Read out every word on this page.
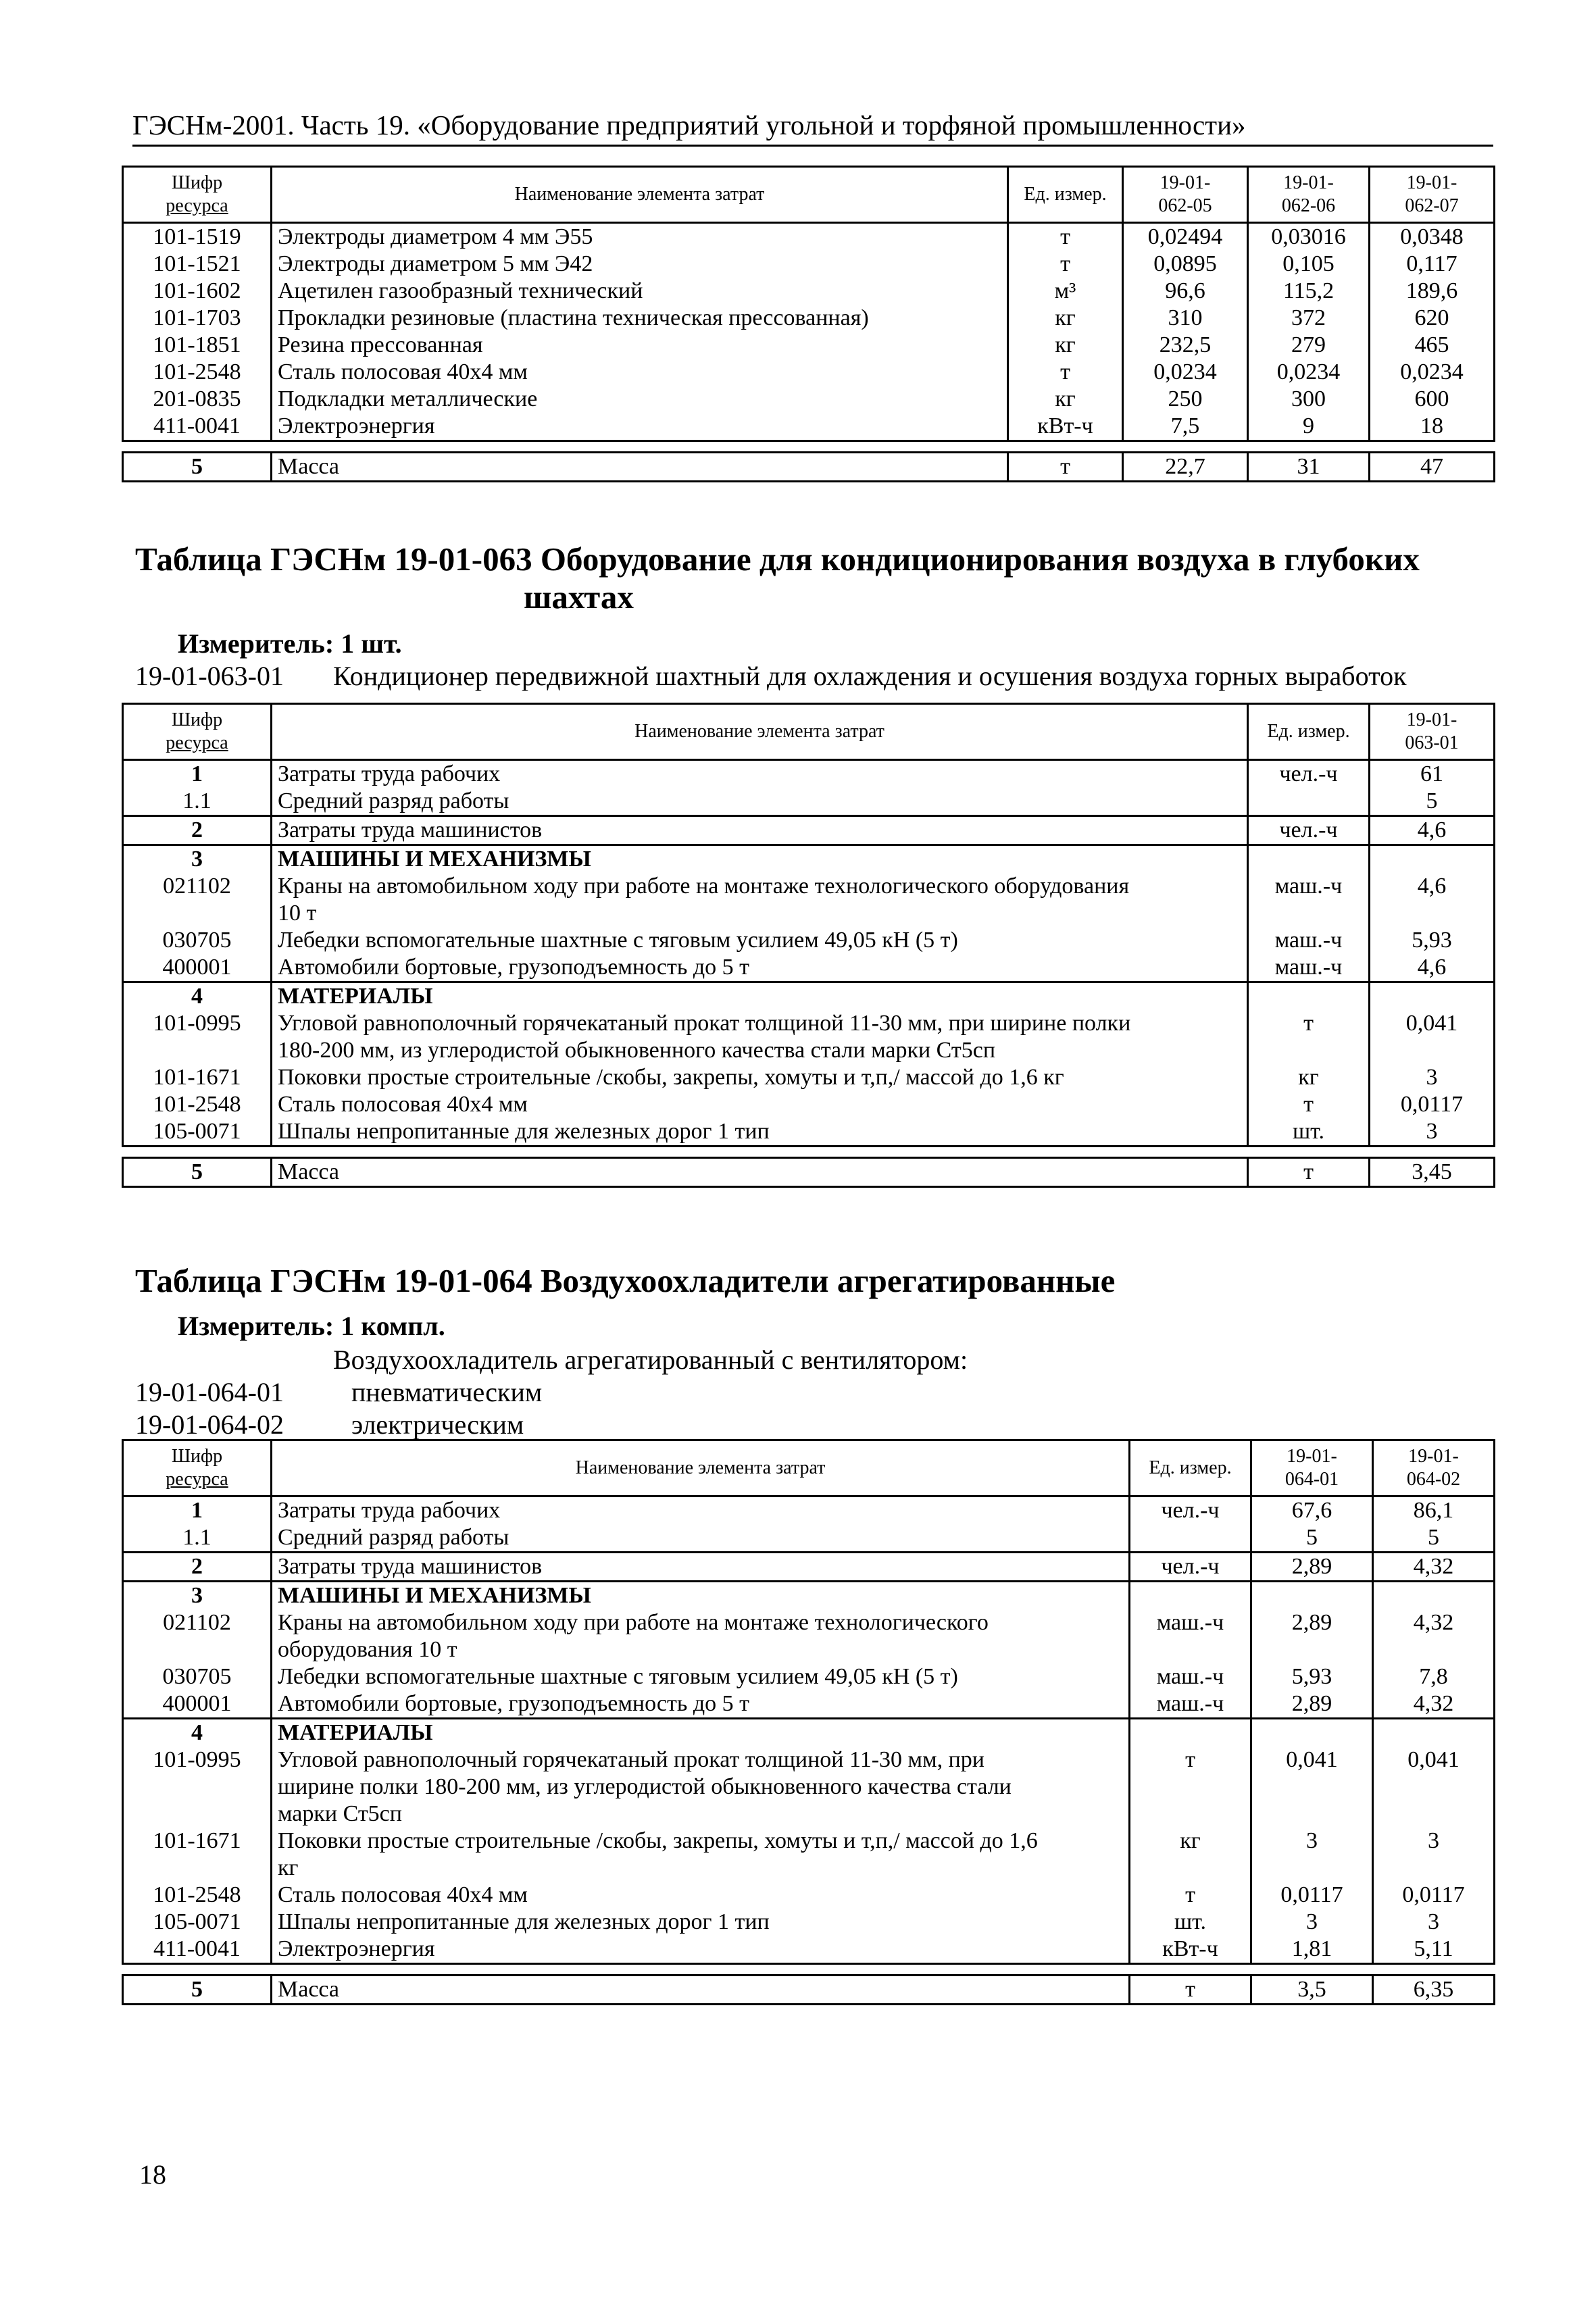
ГЭСНм-2001. Часть 19. «Оборудование предприятий угольной и торфяной промышленности»
Шифр
ресурса	Наименование элемента затрат	Ед. измер.	19-01-
062-05	19-01-
062-06	19-01-
062-07
101-1519	Электроды диаметром 4 мм Э55	т	0,02494	0,03016	0,0348
101-1521	Электроды диаметром 5 мм Э42	т	0,0895	0,105	0,117
101-1602	Ацетилен газообразный технический	м³	96,6	115,2	189,6
101-1703	Прокладки резиновые (пластина техническая прессованная)	кг	310	372	620
101-1851	Резина прессованная	кг	232,5	279	465
101-2548	Сталь полосовая 40х4 мм	т	0,0234	0,0234	0,0234
201-0835	Подкладки металлические	кг	250	300	600
411-0041	Электроэнергия	кВт-ч	7,5	9	18

5	Масса	т	22,7	31	47
Таблица ГЭСНм 19-01-063 Оборудование для кондиционирования воздуха в глубоких
шахтах
Измеритель: 1 шт.
19-01-063-01 Кондиционер передвижной шахтный для охлаждения и осушения воздуха горных выработок
Шифр
ресурса	Наименование элемента затрат	Ед. измер.	19-01-
063-01
1	Затраты труда рабочих	чел.-ч	61
1.1	Средний разряд работы		5
2	Затраты труда машинистов	чел.-ч	4,6
3	МАШИНЫ И МЕХАНИЗМЫ		
021102	Краны на автомобильном ходу при работе на монтаже технологического оборудования	маш.-ч	4,6
	10 т		
030705	Лебедки вспомогательные шахтные с тяговым усилием 49,05 кН (5 т)	маш.-ч	5,93
400001	Автомобили бортовые, грузоподъемность до 5 т	маш.-ч	4,6
4	МАТЕРИАЛЫ		
101-0995	Угловой равнополочный горячекатаный прокат толщиной 11-30 мм, при ширине полки	т	0,041
	180-200 мм, из углеродистой обыкновенного качества стали марки Ст5сп		
101-1671	Поковки простые строительные /скобы, закрепы, хомуты и т,п,/ массой до 1,6 кг	кг	3
101-2548	Сталь полосовая 40х4 мм	т	0,0117
105-0071	Шпалы непропитанные для железных дорог 1 тип	шт.	3

5	Масса	т	3,45
Таблица ГЭСНм 19-01-064 Воздухоохладители агрегатированные
Измеритель: 1 компл.
Воздухоохладитель агрегатированный с вентилятором:
19-01-064-01	пневматическим
19-01-064-02	электрическим
Шифр
ресурса	Наименование элемента затрат	Ед. измер.	19-01-
064-01	19-01-
064-02
1	Затраты труда рабочих	чел.-ч	67,6	86,1
1.1	Средний разряд работы		5	5
2	Затраты труда машинистов	чел.-ч	2,89	4,32
3	МАШИНЫ И МЕХАНИЗМЫ			
021102	Краны на автомобильном ходу при работе на монтаже технологического	маш.-ч	2,89	4,32
	оборудования 10 т			
030705	Лебедки вспомогательные шахтные с тяговым усилием 49,05 кН (5 т)	маш.-ч	5,93	7,8
400001	Автомобили бортовые, грузоподъемность до 5 т	маш.-ч	2,89	4,32
4	МАТЕРИАЛЫ			
101-0995	Угловой равнополочный горячекатаный прокат толщиной 11-30 мм, при	т	0,041	0,041
	ширине полки 180-200 мм, из углеродистой обыкновенного качества стали			
	марки Ст5сп			
101-1671	Поковки простые строительные /скобы, закрепы, хомуты и т,п,/ массой до 1,6	кг	3	3
	кг			
101-2548	Сталь полосовая 40х4 мм	т	0,0117	0,0117
105-0071	Шпалы непропитанные для железных дорог 1 тип	шт.	3	3
411-0041	Электроэнергия	кВт-ч	1,81	5,11

5	Масса	т	3,5	6,35
18
